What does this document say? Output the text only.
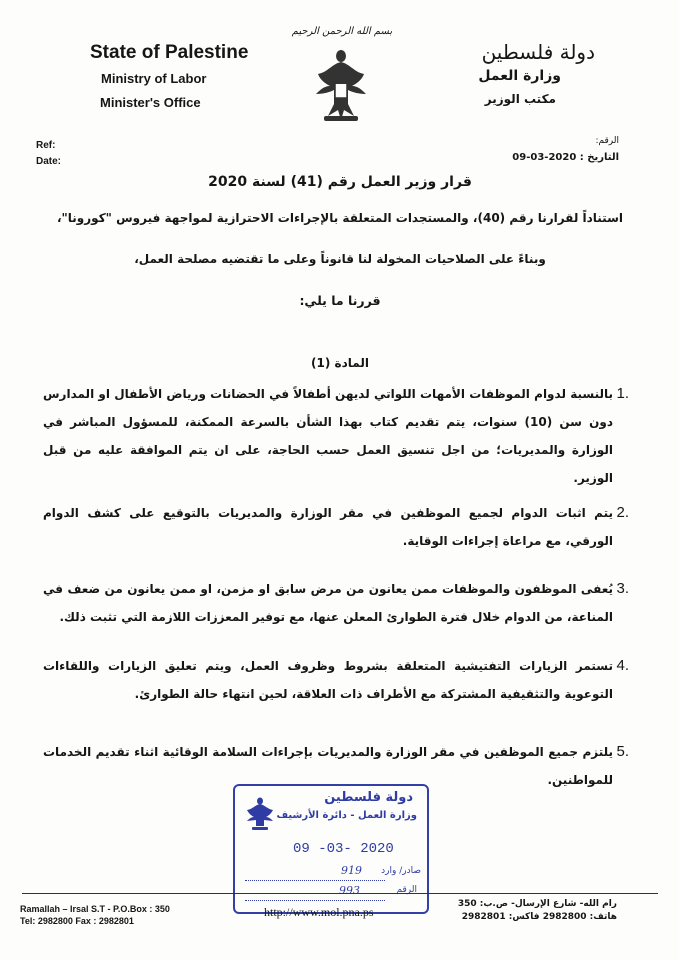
State of Palestine
Ministry of Labor
Minister's Office
بسم الله الرحمن الرحيم
دولة فلسطين
وزارة العمل
مكتب الوزير
Ref:
Date:
الرقم:
التاريخ : 2020-03-09
قرار وزير العمل رقم (41) لسنة 2020
استناداً لقرارنا رقم (40)، والمستجدات المتعلقة بالإجراءات الاحترازية لمواجهة فيروس "كورونا"،
وبناءً على الصلاحيات المخولة لنا قانوناً وعلى ما تقتضيه مصلحة العمل،
قررنا ما يلي:
المادة (1)
1.
بالنسبة لدوام الموظفات الأمهات اللواتي لديهن أطفالاً في الحضانات ورياض الأطفال او المدارس دون سن (10) سنوات، يتم تقديم كتاب بهذا الشأن بالسرعة الممكنة، للمسؤول المباشر في الوزارة والمديريات؛ من اجل تنسيق العمل حسب الحاجة، على ان يتم الموافقة عليه من قبل الوزير.
2.
يتم اثبات الدوام لجميع الموظفين في مقر الوزارة والمديريات بالتوقيع على كشف الدوام الورقي، مع مراعاة إجراءات الوقاية.
3.
يُعفى الموظفون والموظفات ممن يعانون من مرض سابق او مزمن، او ممن يعانون من ضعف في المناعة، من الدوام خلال فترة الطوارئ المعلن عنها، مع توفير المعززات اللازمة التي تثبت ذلك.
4.
تستمر الزيارات التفتيشية المتعلقة بشروط وظروف العمل، ويتم تعليق الزيارات واللقاءات التوعوية والتثقيفية المشتركة مع الأطراف ذات العلاقة، لحين انتهاء حالة الطوارئ.
5.
يلتزم جميع الموظفين في مقر الوزارة والمديريات بإجراءات السلامة الوقائية اثناء تقديم الخدمات للمواطنين.
دولة فلسطين
وزارة العمل - دائرة الأرشيف
09 -03- 2020
919 صادر/ وارد
993	الرقم
Ramallah – Irsal S.T - P.O.Box : 350
Tel: 2982800 Fax : 2982801
http://www.mol.pna.ps
رام الله- شارع الإرسال- ص.ب: 350
هاتف: 2982800 فاكس: 2982801
